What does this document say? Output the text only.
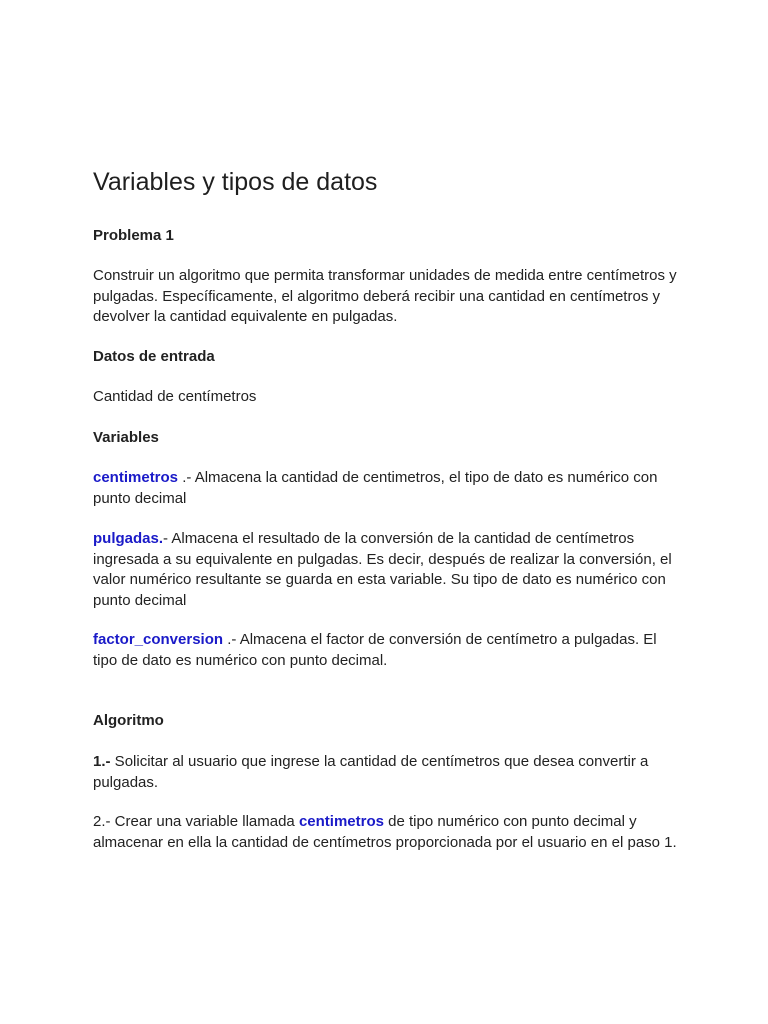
Variables y tipos de datos

Problema 1

Construir un algoritmo que permita transformar unidades de medida entre centímetros y pulgadas. Específicamente, el algoritmo deberá recibir una cantidad en centímetros y devolver la cantidad equivalente en pulgadas.

Datos de entrada

Cantidad de centímetros

Variables

centimetros .- Almacena la cantidad de centimetros, el tipo de dato es numérico con punto decimal

pulgadas.- Almacena el resultado de la conversión de la cantidad de centímetros ingresada a su equivalente en pulgadas. Es decir, después de realizar la conversión, el valor numérico resultante se guarda en esta variable. Su tipo de dato es numérico con punto decimal

factor_conversion .- Almacena el factor de conversión de centímetro a pulgadas. El tipo de dato es numérico con punto decimal.

Algoritmo

1.- Solicitar al usuario que ingrese la cantidad de centímetros que desea convertir a pulgadas.

2.- Crear una variable llamada centimetros de tipo numérico con punto decimal y almacenar en ella la cantidad de centímetros proporcionada por el usuario en el paso 1.
